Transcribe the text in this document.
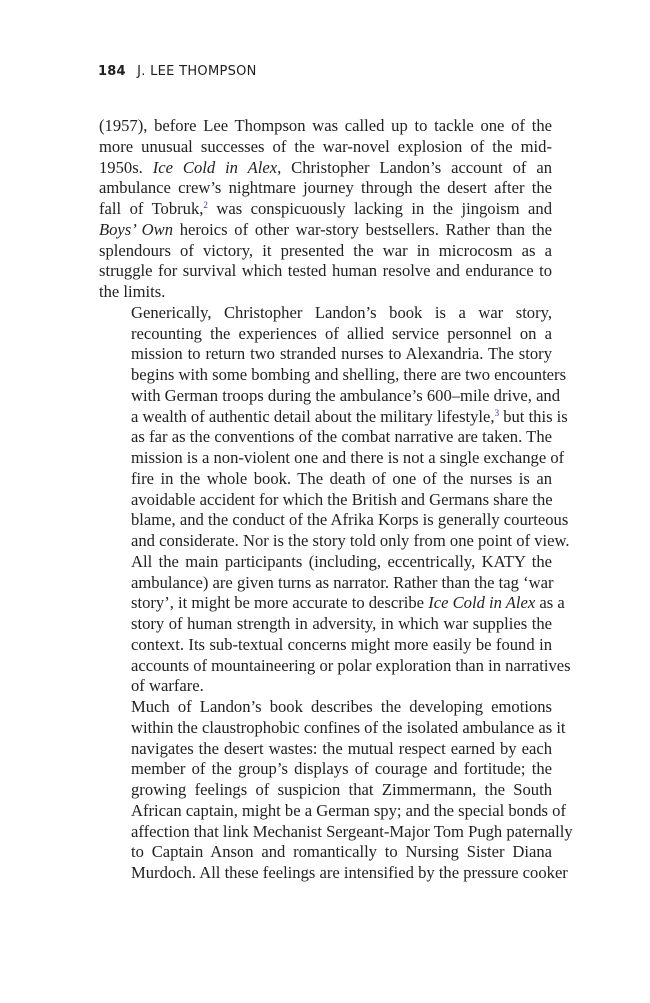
184 J. LEE THOMPSON

(1957), before Lee Thompson was called up to tackle one of the
more unusual successes of the war-novel explosion of the mid-
1950s. Ice Cold in Alex, Christopher Landon’s account of an
ambulance crew’s nightmare journey through the desert after the
fall of Tobruk,$^2$ was conspicuously lacking in the jingoism and
Boys’ Own heroics of other war-story bestsellers. Rather than the
splendours of victory, it presented the war in microcosm as a
struggle for survival which tested human resolve and endurance to
the limits.

Generically, Christopher Landon’s book is a war story,
recounting the experiences of allied service personnel on a
mission to return two stranded nurses to Alexandria. The story
begins with some bombing and shelling, there are two encounters
with German troops during the ambulance’s 600–mile drive, and
a wealth of authentic detail about the military lifestyle,$^3$ but this is
as far as the conventions of the combat narrative are taken. The
mission is a non-violent one and there is not a single exchange of
fire in the whole book. The death of one of the nurses is an
avoidable accident for which the British and Germans share the
blame, and the conduct of the Afrika Korps is generally courteous
and considerate. Nor is the story told only from one point of view.
All the main participants (including, eccentrically, KATY the
ambulance) are given turns as narrator. Rather than the tag ‘war
story’, it might be more accurate to describe Ice Cold in Alex as a
story of human strength in adversity, in which war supplies the
context. Its sub-textual concerns might more easily be found in
accounts of mountaineering or polar exploration than in narratives
of warfare.

Much of Landon’s book describes the developing emotions
within the claustrophobic confines of the isolated ambulance as it
navigates the desert wastes: the mutual respect earned by each
member of the group’s displays of courage and fortitude; the
growing feelings of suspicion that Zimmermann, the South
African captain, might be a German spy; and the special bonds of
affection that link Mechanist Sergeant-Major Tom Pugh paternally
to Captain Anson and romantically to Nursing Sister Diana
Murdoch. All these feelings are intensified by the pressure cooker
